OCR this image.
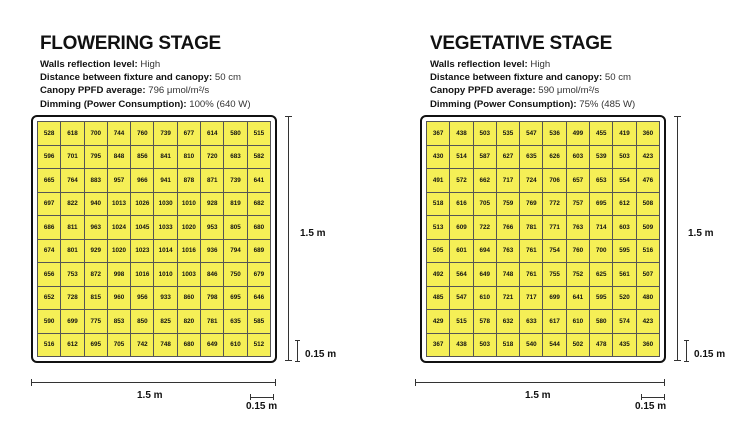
FLOWERING STAGE
Walls reflection level: High
Distance between fixture and canopy: 50 cm
Canopy PPFD average: 796 μmol/m²/s
Dimming (Power Consumption): 100% (640 W)
528	618	700	744	760	739	677	614	580	515
596	701	795	848	856	841	810	720	683	582
665	764	883	957	966	941	878	871	739	641
697	822	940	1013	1026	1030	1010	928	819	682
686	811	963	1024	1045	1033	1020	953	805	680
674	801	929	1020	1023	1014	1016	936	794	689
656	753	872	998	1016	1010	1003	846	750	679
652	728	815	960	956	933	860	798	695	646
590	699	775	853	850	825	820	781	635	585
516	612	695	705	742	748	680	649	610	512
1.5 m
0.15 m
1.5 m
0.15 m
VEGETATIVE STAGE
Walls reflection level: High
Distance between fixture and canopy: 50 cm
Canopy PPFD average: 590 μmol/m²/s
Dimming (Power Consumption): 75% (485 W)
367	438	503	535	547	536	499	455	419	360
430	514	587	627	635	626	603	539	503	423
491	572	662	717	724	706	657	653	554	476
518	616	705	759	769	772	757	695	612	508
513	609	722	766	781	771	763	714	603	509
505	601	694	763	761	754	760	700	595	516
492	564	649	748	761	755	752	625	561	507
485	547	610	721	717	699	641	595	520	480
429	515	578	632	633	617	610	580	574	423
367	438	503	518	540	544	502	478	435	360
1.5 m
0.15 m
1.5 m
0.15 m
